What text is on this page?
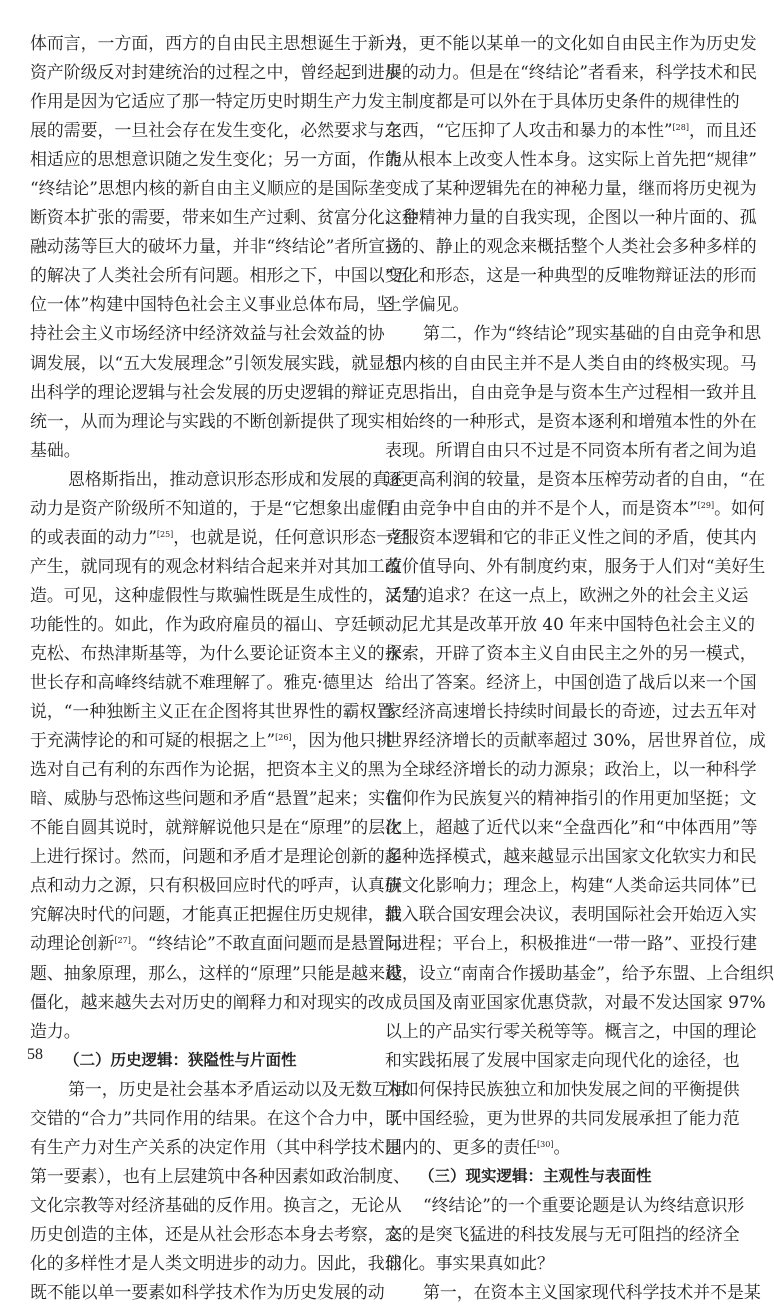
体而言，一方面，西方的自由民主思想诞生于新兴
资产阶级反对封建统治的过程之中，曾经起到进步
作用是因为它适应了那一特定历史时期生产力发
展的需要，一旦社会存在发生变化，必然要求与之
相适应的思想意识随之发生变化；另一方面，作为
“终结论”思想内核的新自由主义顺应的是国际垄
断资本扩张的需要，带来如生产过剩、贫富分化、金
融动荡等巨大的破坏力量，并非“终结论”者所宣扬
的解决了人类社会所有问题。相形之下，中国以“五
位一体”构建中国特色社会主义事业总体布局，坚
持社会主义市场经济中经济效益与社会效益的协
调发展，以“五大发展理念”引领发展实践，就显示
出科学的理论逻辑与社会发展的历史逻辑的辩证
统一，从而为理论与实践的不断创新提供了现实
基础。
恩格斯指出，推动意识形态形成和发展的真正
动力是资产阶级所不知道的，于是“它想象出虚假
的或表面的动力”[25]，也就是说，任何意识形态一经
产生，就同现有的观念材料结合起来并对其加工改
造。可见，这种虚假性与欺骗性既是生成性的，又是
功能性的。如此，作为政府雇员的福山、亨廷顿、尼
克松、布热津斯基等，为什么要论证资本主义的永
世长存和高峰终结就不难理解了。雅克·德里达
说，“一种独断主义正在企图将其世界性的霸权置
于充满悖论的和可疑的根据之上”[26]，因为他只挑
选对自己有利的东西作为论据，把资本主义的黑
暗、威胁与恐怖这些问题和矛盾“悬置”起来；实在
不能自圆其说时，就辩解说他只是在“原理”的层次
上进行探讨。然而，问题和矛盾才是理论创新的起
点和动力之源，只有积极回应时代的呼声，认真研
究解决时代的问题，才能真正把握住历史规律，推
动理论创新[27]。“终结论”不敢直面问题而是悬置问
题、抽象原理，那么，这样的“原理”只能是越来越
僵化，越来越失去对历史的阐释力和对现实的改
造力。
（二）历史逻辑：狭隘性与片面性
第一，历史是社会基本矛盾运动以及无数互相
交错的“合力”共同作用的结果。在这个合力中，既
有生产力对生产关系的决定作用（其中科学技术是
第一要素），也有上层建筑中各种因素如政治制度、
文化宗教等对经济基础的反作用。换言之，无论从
历史创造的主体，还是从社会形态本身去考察，文
化的多样性才是人类文明进步的动力。因此，我们
既不能以单一要素如科学技术作为历史发展的动
力，更不能以某单一的文化如自由民主作为历史发
展的动力。但是在“终结论”者看来，科学技术和民
主制度都是可以外在于具体历史条件的规律性的
东西，“它压抑了人攻击和暴力的本性”[28]，而且还
能从根本上改变人性本身。这实际上首先把“规律”
变成了某种逻辑先在的神秘力量，继而将历史视为
这种精神力量的自我实现，企图以一种片面的、孤
立的、静止的观念来概括整个人类社会多种多样的
变化和形态，这是一种典型的反唯物辩证法的形而
上学偏见。
第二，作为“终结论”现实基础的自由竞争和思
想内核的自由民主并不是人类自由的终极实现。马
克思指出，自由竞争是与资本生产过程相一致并且
相始终的一种形式，是资本逐利和增殖本性的外在
表现。所谓自由只不过是不同资本所有者之间为追
逐更高利润的较量，是资本压榨劳动者的自由，“在
自由竞争中自由的并不是个人，而是资本”[29]。如何
克服资本逻辑和它的非正义性之间的矛盾，使其内
蕴价值导向、外有制度约束，服务于人们对“美好生
活”的追求？在这一点上，欧洲之外的社会主义运
动，尤其是改革开放 40 年来中国特色社会主义的
探索，开辟了资本主义自由民主之外的另一模式，
给出了答案。经济上，中国创造了战后以来一个国
家经济高速增长持续时间最长的奇迹，过去五年对
世界经济增长的贡献率超过 30%，居世界首位，成
为全球经济增长的动力源泉；政治上，以一种科学
信仰作为民族复兴的精神指引的作用更加坚挺；文
化上，超越了近代以来“全盘西化”和“中体西用”等
多种选择模式，越来越显示出国家文化软实力和民
族文化影响力；理念上，构建“人类命运共同体”已
载入联合国安理会决议，表明国际社会开始迈入实
际进程；平台上，积极推进“一带一路”、亚投行建
设，设立“南南合作援助基金”，给予东盟、上合组织
成员国及南亚国家优惠贷款，对最不发达国家 97%
以上的产品实行零关税等等。概言之，中国的理论
和实践拓展了发展中国家走向现代化的途径，也
为如何保持民族独立和加快发展之间的平衡提供
了中国经验，更为世界的共同发展承担了能力范
围内的、更多的责任[30]。
（三）现实逻辑：主观性与表面性
“终结论”的一个重要论题是认为终结意识形
态的是突飞猛进的科技发展与无可阻挡的经济全
球化。事实果真如此？
第一，在资本主义国家现代科学技术并不是某
58
